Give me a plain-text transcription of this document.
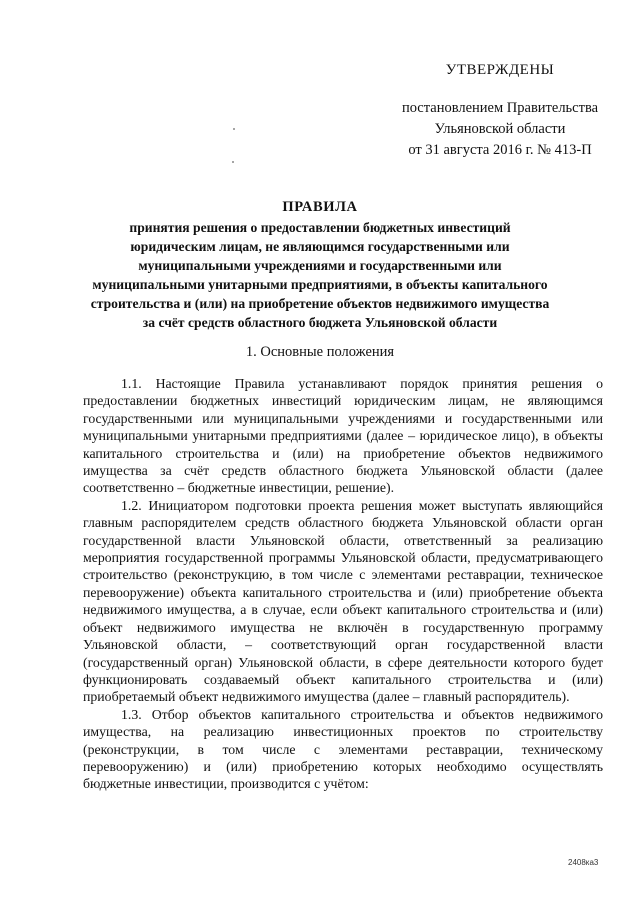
УТВЕРЖДЕНЫ
постановлением Правительства
Ульяновской области
от 31 августа 2016 г. № 413-П
ПРАВИЛА
принятия решения о предоставлении бюджетных инвестиций
юридическим лицам, не являющимся государственными или
муниципальными учреждениями и государственными или
муниципальными унитарными предприятиями, в объекты капитального
строительства и (или) на приобретение объектов недвижимого имущества
за счёт средств областного бюджета Ульяновской области
1. Основные положения

1.1. Настоящие Правила устанавливают порядок принятия решения о предоставлении бюджетных инвестиций юридическим лицам, не являющимся государственными или муниципальными учреждениями и государственными или муниципальными унитарными предприятиями (далее – юридическое лицо), в объекты капитального строительства и (или) на приобретение объектов недвижимого имущества за счёт средств областного бюджета Ульяновской области (далее соответственно – бюджетные инвестиции, решение).

1.2. Инициатором подготовки проекта решения может выступать являющийся главным распорядителем средств областного бюджета Ульяновской области орган государственной власти Ульяновской области, ответственный за реализацию мероприятия государственной программы Ульяновской области, предусматривающего строительство (реконструкцию, в том числе с элементами реставрации, техническое перевооружение) объекта капитального строительства и (или) приобретение объекта недвижимого имущества, а в случае, если объект капитального строительства и (или) объект недвижимого имущества не включён в государственную программу Ульяновской области, – соответствующий орган государственной власти (государственный орган) Ульяновской области, в сфере деятельности которого будет функционировать создаваемый объект капитального строительства и (или) приобретаемый объект недвижимого имущества (далее – главный распорядитель).

1.3. Отбор объектов капитального строительства и объектов недвижимого имущества, на реализацию инвестиционных проектов по строительству (реконструкции, в том числе с элементами реставрации, техническому перевооружению) и (или) приобретению которых необходимо осуществлять бюджетные инвестиции, производится с учётом:

2408ка3
